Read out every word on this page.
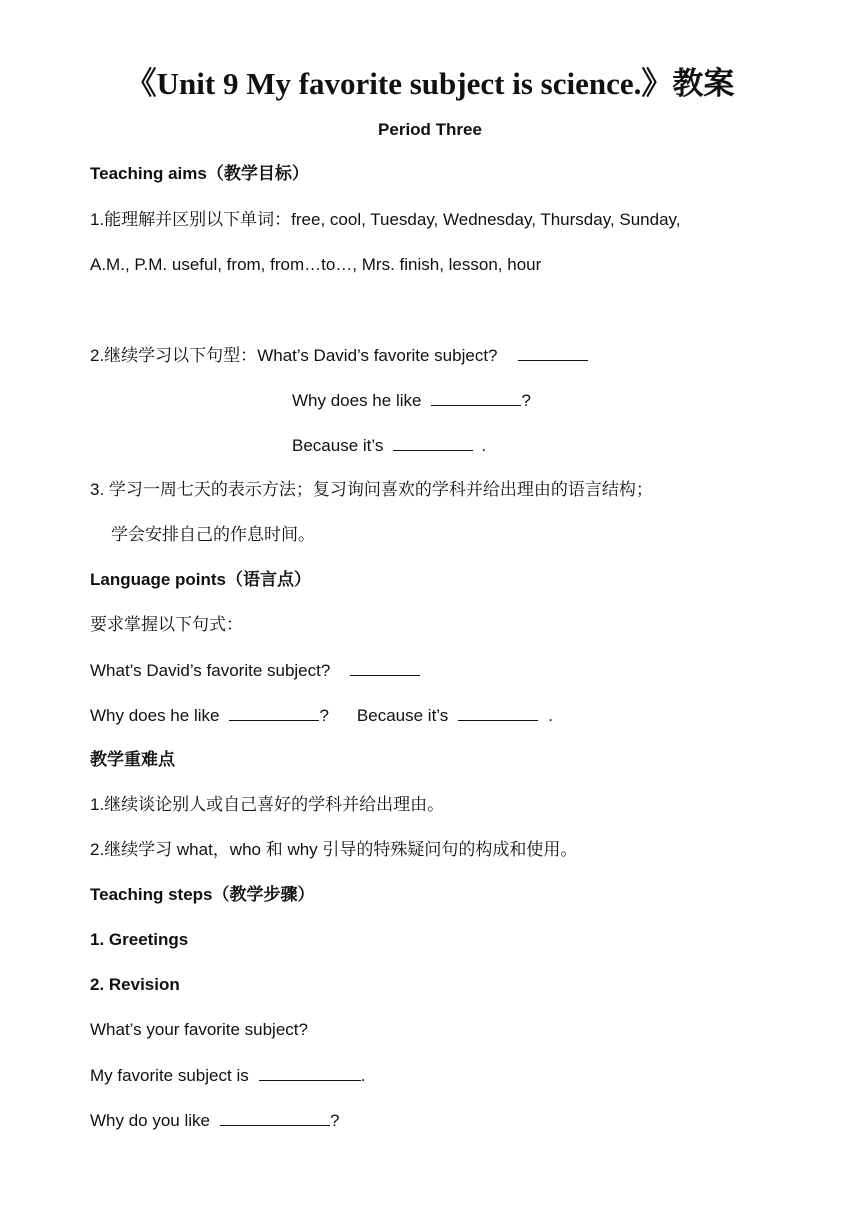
《Unit 9 My favorite subject is science.》教案
Period Three
Teaching aims（教学目标）
1.能理解并区别以下单词：free, cool, Tuesday, Wednesday, Thursday, Sunday,
A.M., P.M. useful, from, from…to…, Mrs. finish, lesson, hour
2.继续学习以下句型：What’s David’s favorite subject?
Why does he like	?
Because it’s	.
3. 学习一周七天的表示方法；复习询问喜欢的学科并给出理由的语言结构；
学会安排自己的作息时间。
Language points（语言点）
要求掌握以下句式：
What’s David’s favorite subject?
Why does he like	? Because it’s	.
教学重难点
1.继续谈论别人或自己喜好的学科并给出理由。
2.继续学习 what，who 和 why 引导的特殊疑问句的构成和使用。
Teaching steps（教学步骤）
1. Greetings
2. Revision
What’s your favorite subject?
My favorite subject is	.
Why do you like	?
